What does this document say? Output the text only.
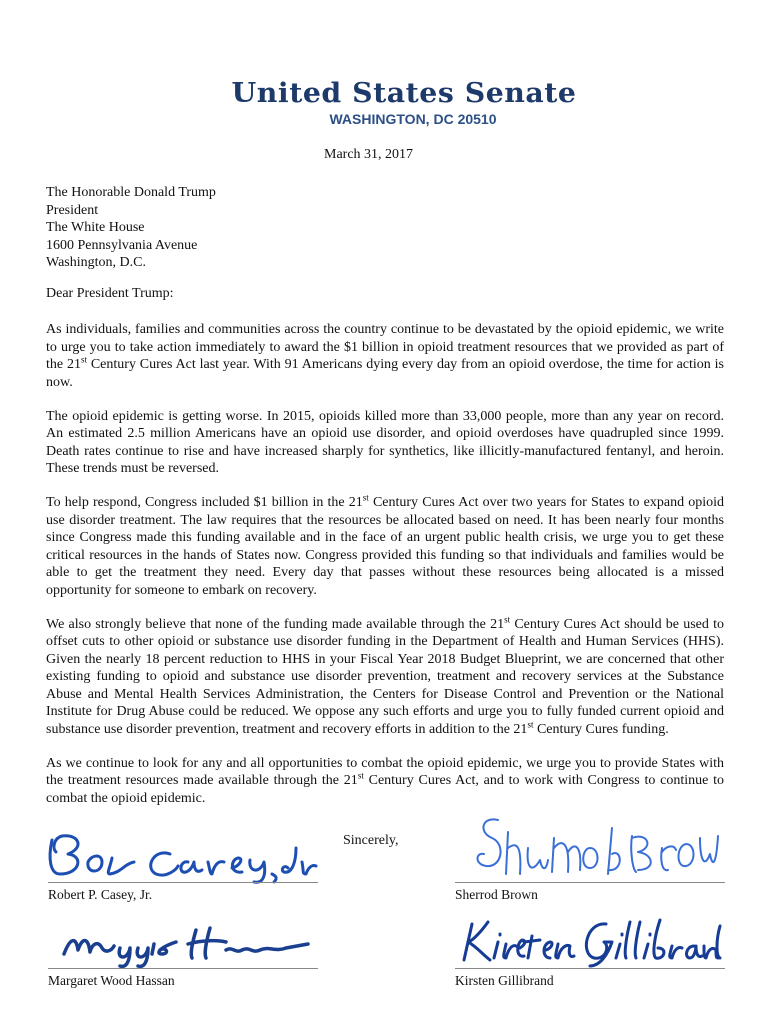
United States Senate
WASHINGTON, DC 20510
March 31, 2017
The Honorable Donald Trump
President
The White House
1600 Pennsylvania Avenue
Washington, D.C.
Dear President Trump:

As individuals, families and communities across the country continue to be devastated by the opioid epidemic, we write to urge you to take action immediately to award the $1 billion in opioid treatment resources that we provided as part of the 21st Century Cures Act last year. With 91 Americans dying every day from an opioid overdose, the time for action is now.

The opioid epidemic is getting worse. In 2015, opioids killed more than 33,000 people, more than any year on record. An estimated 2.5 million Americans have an opioid use disorder, and opioid overdoses have quadrupled since 1999. Death rates continue to rise and have increased sharply for synthetics, like illicitly-manufactured fentanyl, and heroin. These trends must be reversed.

To help respond, Congress included $1 billion in the 21st Century Cures Act over two years for States to expand opioid use disorder treatment. The law requires that the resources be allocated based on need. It has been nearly four months since Congress made this funding available and in the face of an urgent public health crisis, we urge you to get these critical resources in the hands of States now. Congress provided this funding so that individuals and families would be able to get the treatment they need. Every day that passes without these resources being allocated is a missed opportunity for someone to embark on recovery.

We also strongly believe that none of the funding made available through the 21st Century Cures Act should be used to offset cuts to other opioid or substance use disorder funding in the Department of Health and Human Services (HHS). Given the nearly 18 percent reduction to HHS in your Fiscal Year 2018 Budget Blueprint, we are concerned that other existing funding to opioid and substance use disorder prevention, treatment and recovery services at the Substance Abuse and Mental Health Services Administration, the Centers for Disease Control and Prevention or the National Institute for Drug Abuse could be reduced. We oppose any such efforts and urge you to fully funded current opioid and substance use disorder prevention, treatment and recovery efforts in addition to the 21st Century Cures funding.

As we continue to look for any and all opportunities to combat the opioid epidemic, we urge you to provide States with the treatment resources made available through the 21st Century Cures Act, and to work with Congress to continue to combat the opioid epidemic.

Sincerely,
Robert P. Casey, Jr.	Sherrod Brown
Margaret Wood Hassan	Kirsten Gillibrand
